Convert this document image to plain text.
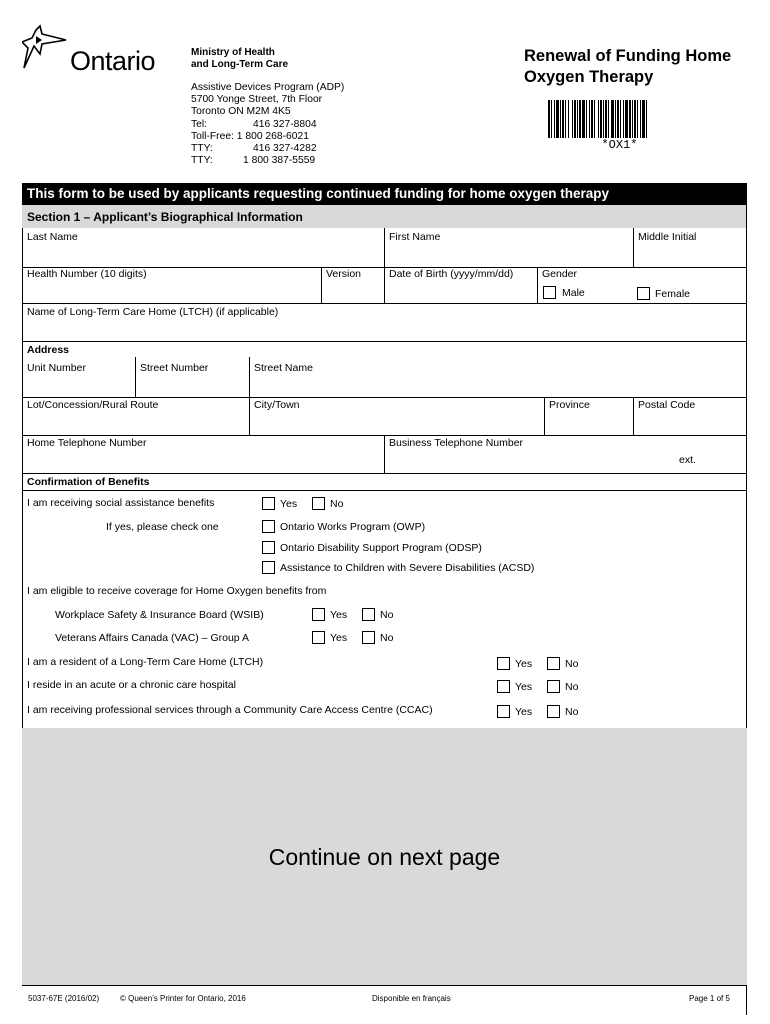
Ontario	Ministry of Health
and Long-Term Care
Assistive Devices Program (ADP)
5700 Yonge Street, 7th Floor
Toronto ON M2M 4K5
Tel:	416 327-8804
Toll-Free: 1 800 268-6021
TTY:	416 327-4282
TTY:	1 800 387-5559
Renewal of Funding Home
Oxygen Therapy
*OX1*
This form to be used by applicants requesting continued funding for home oxygen therapy
Section 1 – Applicant’s Biographical Information
Last Name	First Name	Middle Initial
Health Number (10 digits)	Version	Date of Birth (yyyy/mm/dd)	Gender
Male	Female
Name of Long-Term Care Home (LTCH) (if applicable)
Address
Unit Number	Street Number	Street Name
Lot/Concession/Rural Route	City/Town	Province	Postal Code
Home Telephone Number	Business Telephone Number
ext.
Confirmation of Benefits
I am receiving social assistance benefits	Yes	No
If yes, please check one	Ontario Works Program (OWP)
Ontario Disability Support Program (ODSP)
Assistance to Children with Severe Disabilities (ACSD)
I am eligible to receive coverage for Home Oxygen benefits from
Workplace Safety & Insurance Board (WSIB)	Yes	No
Veterans Affairs Canada (VAC) – Group A	Yes	No
I am a resident of a Long-Term Care Home (LTCH)	Yes	No
I reside in an acute or a chronic care hospital	Yes	No
I am receiving professional services through a Community Care Access Centre (CCAC)	Yes	No
Continue on next page
5037-67E (2016/02)	© Queen’s Printer for Ontario, 2016	Disponible en français	Page 1 of 5
